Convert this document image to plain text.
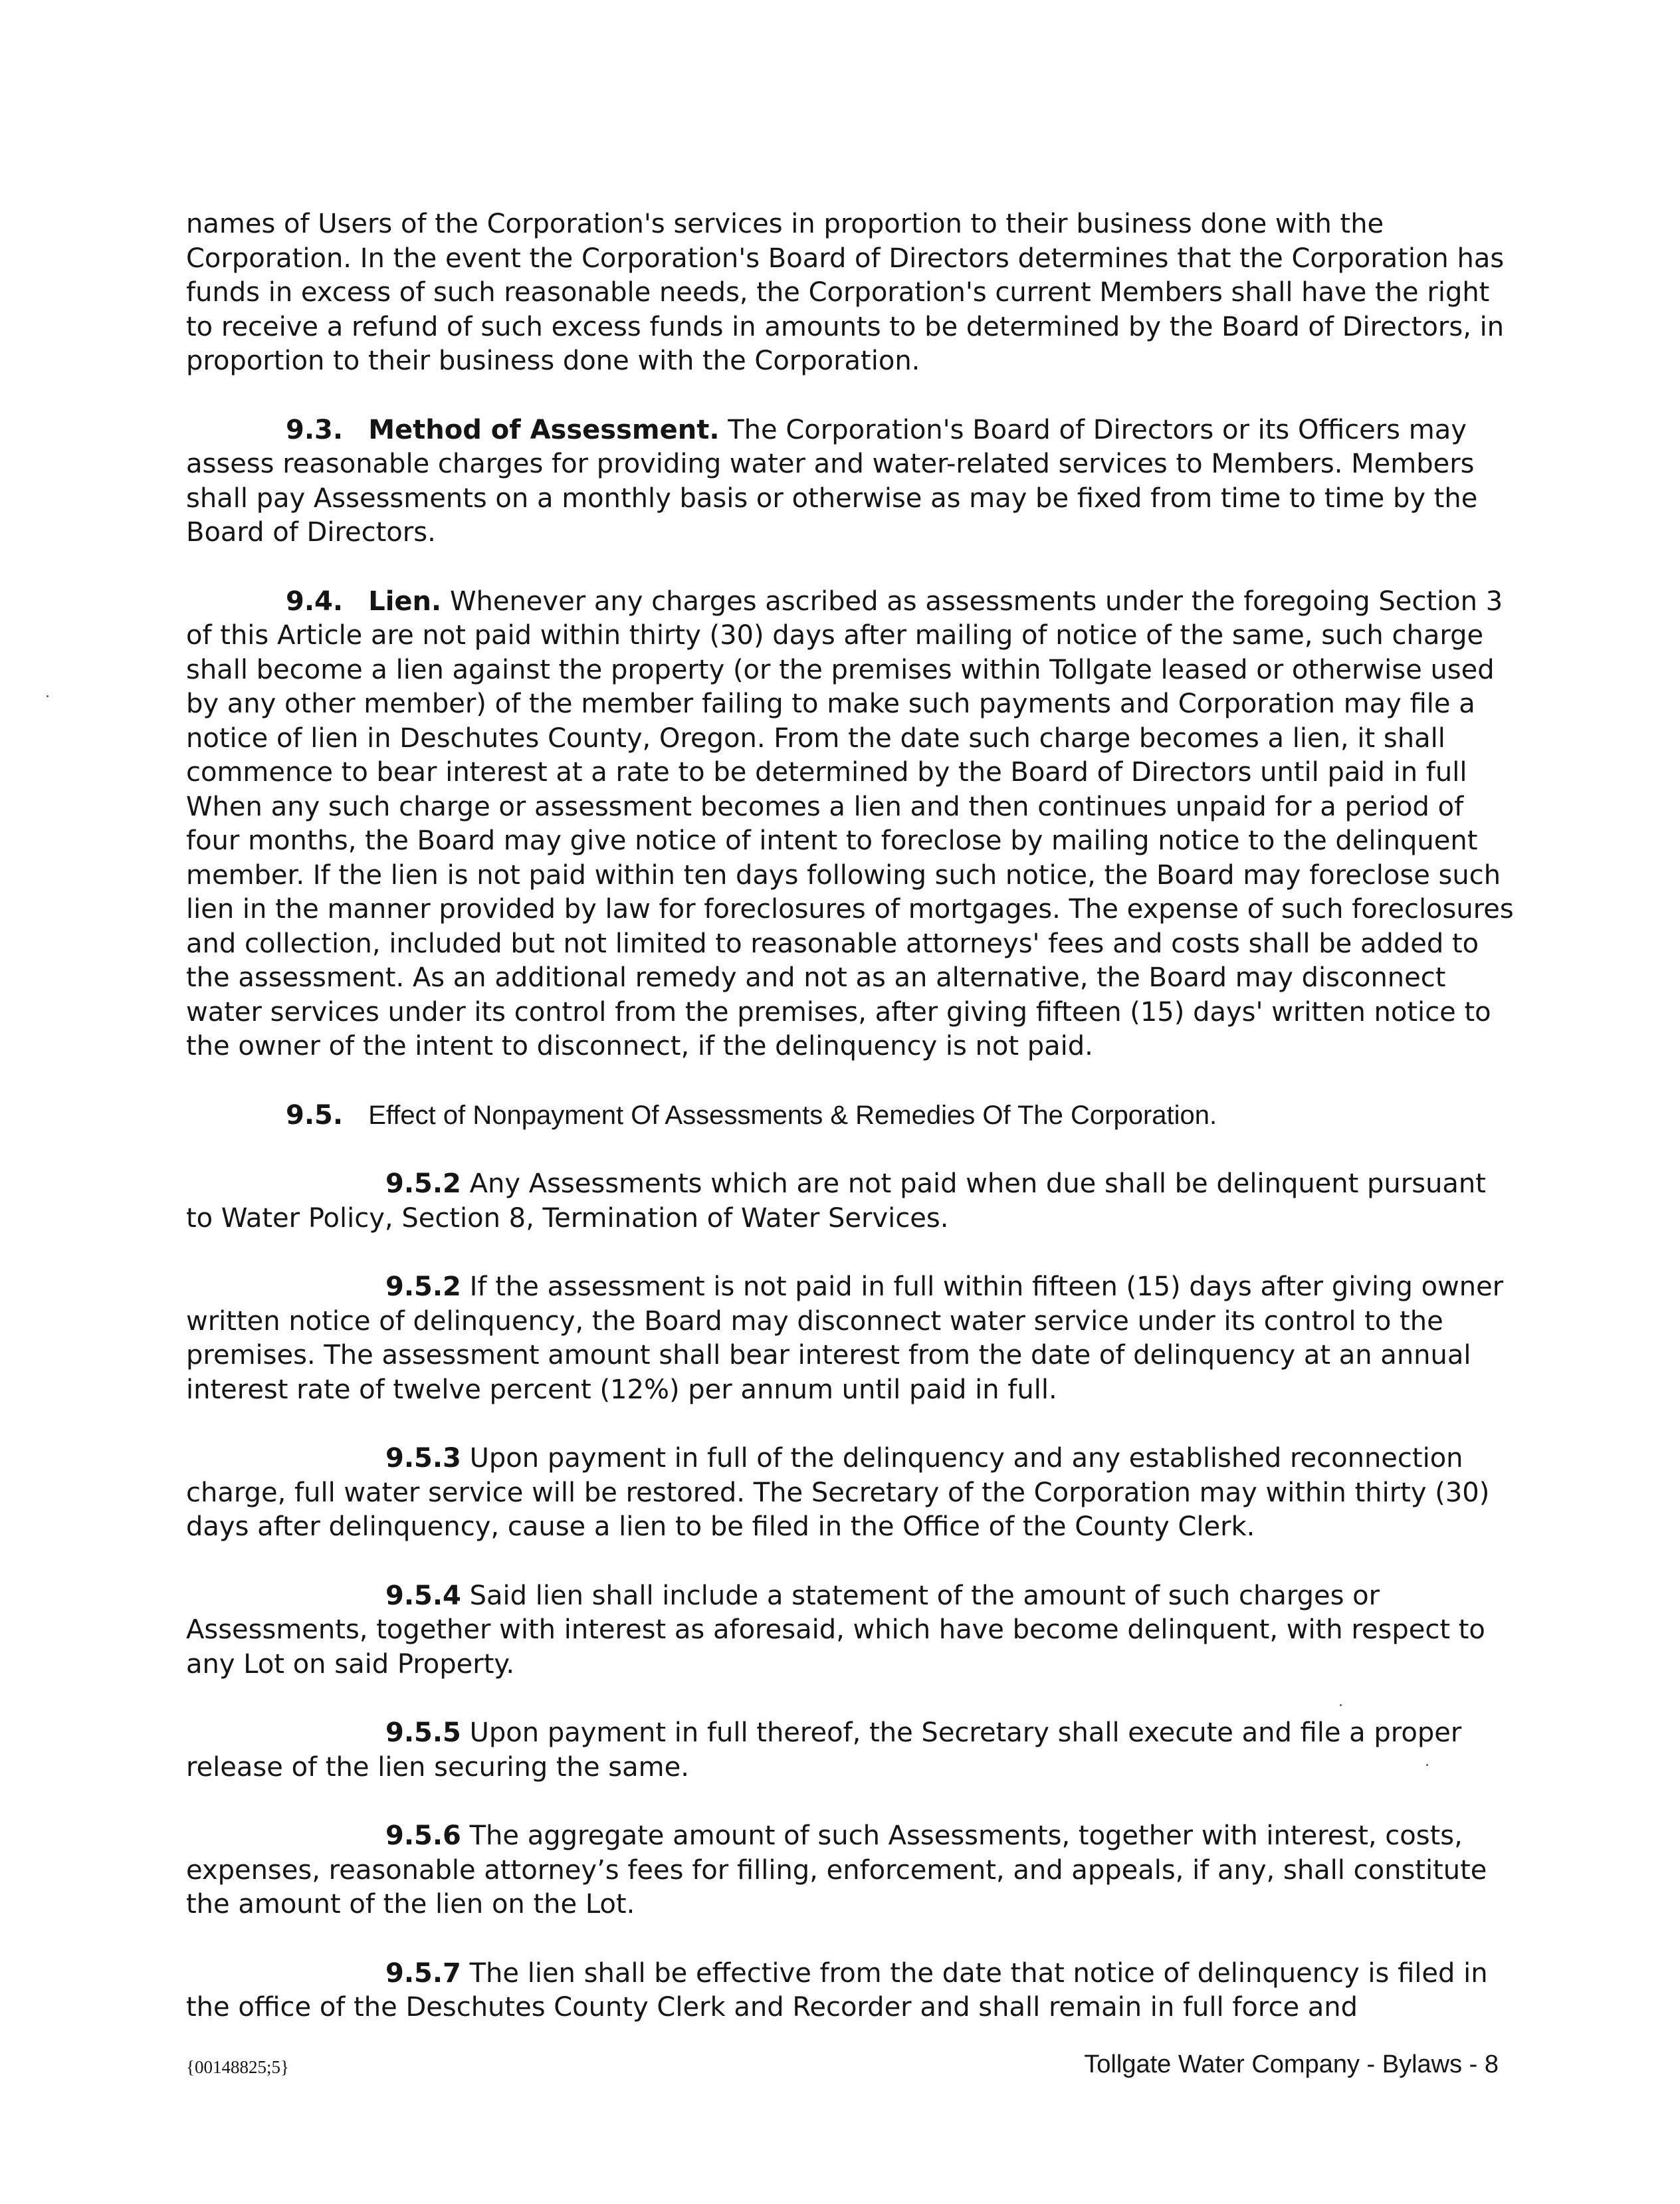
names of Users of the Corporation's services in proportion to their business done with the Corporation. In the event the Corporation's Board of Directors determines that the Corporation has funds in excess of such reasonable needs, the Corporation's current Members shall have the right to receive a refund of such excess funds in amounts to be determined by the Board of Directors, in proportion to their business done with the Corporation.

9.3. Method of Assessment. The Corporation's Board of Directors or its Officers may assess reasonable charges for providing water and water-related services to Members. Members shall pay Assessments on a monthly basis or otherwise as may be fixed from time to time by the Board of Directors.

9.4. Lien. Whenever any charges ascribed as assessments under the foregoing Section 3 of this Article are not paid within thirty (30) days after mailing of notice of the same, such charge shall become a lien against the property (or the premises within Tollgate leased or otherwise used by any other member) of the member failing to make such payments and Corporation may file a notice of lien in Deschutes County, Oregon. From the date such charge becomes a lien, it shall commence to bear interest at a rate to be determined by the Board of Directors until paid in full When any such charge or assessment becomes a lien and then continues unpaid for a period of four months, the Board may give notice of intent to foreclose by mailing notice to the delinquent member. If the lien is not paid within ten days following such notice, the Board may foreclose such lien in the manner provided by law for foreclosures of mortgages. The expense of such foreclosures and collection, included but not limited to reasonable attorneys' fees and costs shall be added to the assessment. As an additional remedy and not as an alternative, the Board may disconnect water services under its control from the premises, after giving fifteen (15) days' written notice to the owner of the intent to disconnect, if the delinquency is not paid.

9.5. Effect of Nonpayment Of Assessments & Remedies Of The Corporation.

9.5.2 Any Assessments which are not paid when due shall be delinquent pursuant to Water Policy, Section 8, Termination of Water Services.

9.5.2 If the assessment is not paid in full within fifteen (15) days after giving owner written notice of delinquency, the Board may disconnect water service under its control to the premises. The assessment amount shall bear interest from the date of delinquency at an annual interest rate of twelve percent (12%) per annum until paid in full.

9.5.3 Upon payment in full of the delinquency and any established reconnection charge, full water service will be restored. The Secretary of the Corporation may within thirty (30) days after delinquency, cause a lien to be filed in the Office of the County Clerk.

9.5.4 Said lien shall include a statement of the amount of such charges or Assessments, together with interest as aforesaid, which have become delinquent, with respect to any Lot on said Property.

9.5.5 Upon payment in full thereof, the Secretary shall execute and file a proper release of the lien securing the same.

9.5.6 The aggregate amount of such Assessments, together with interest, costs, expenses, reasonable attorney’s fees for filling, enforcement, and appeals, if any, shall constitute the amount of the lien on the Lot.

9.5.7 The lien shall be effective from the date that notice of delinquency is filed in the office of the Deschutes County Clerk and Recorder and shall remain in full force and

{00148825;5}	Tollgate Water Company - Bylaws - 8
